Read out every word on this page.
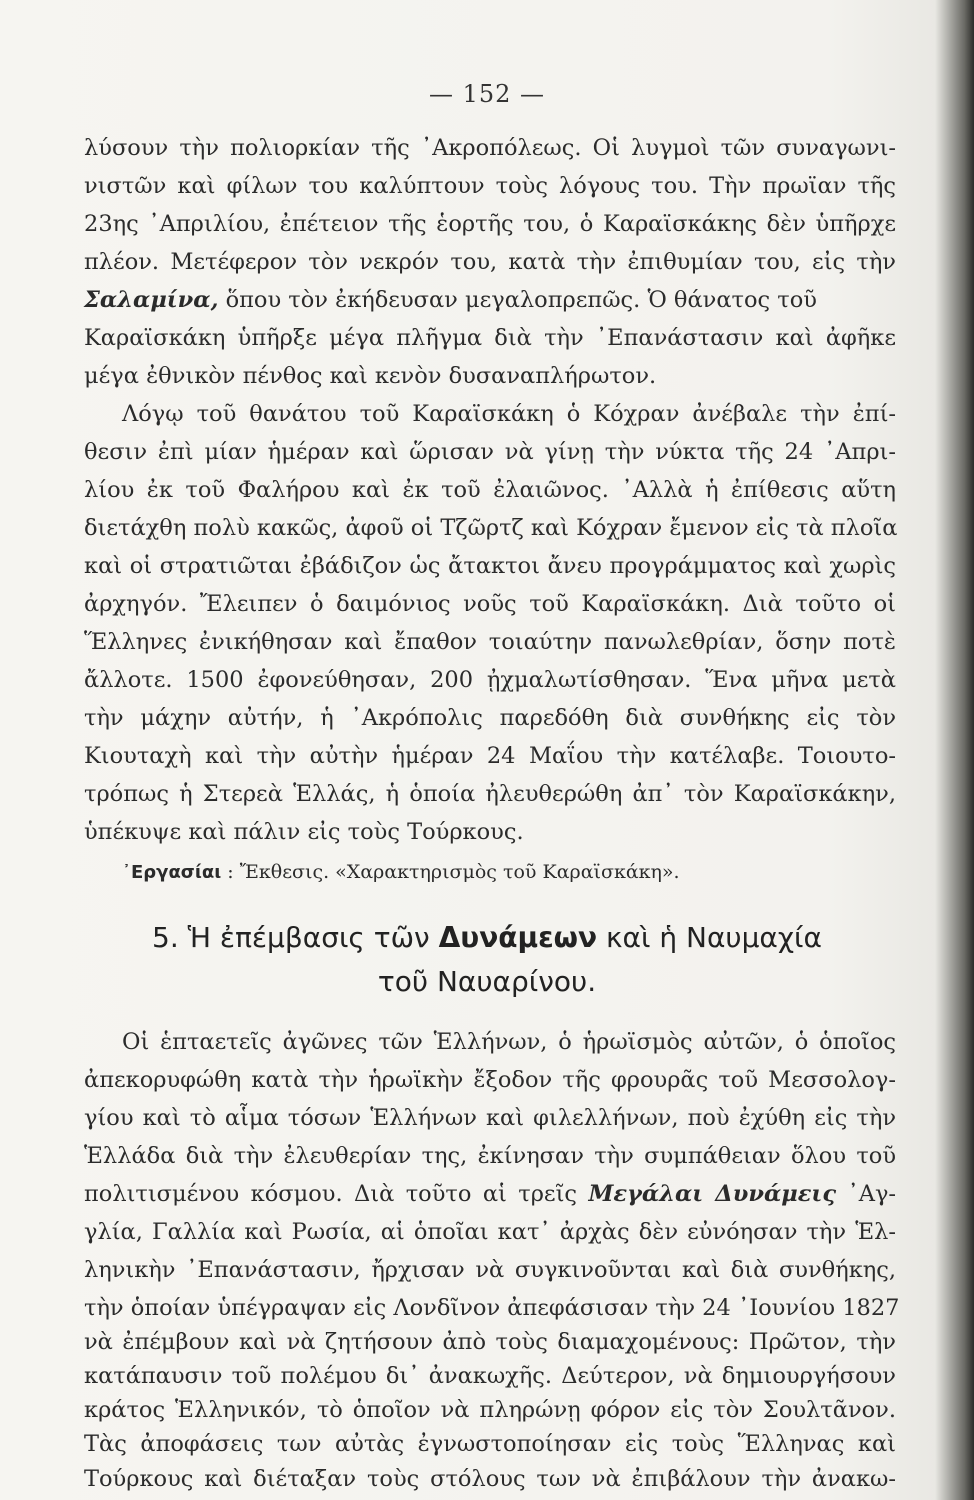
— 152 —
λύσουν τὴν πολιορκίαν τῆς ᾿Ακροπόλεως. Οἱ λυγμοὶ τῶν συναγωνι-
νιστῶν καὶ φίλων του καλύπτουν τοὺς λόγους του. Τὴν πρωϊαν τῆς
23ης ᾿Απριλίου, ἐπέτειον τῆς ἑορτῆς του, ὁ Καραϊσκάκης δὲν ὑπῆρχε
πλέον. Μετέφερον τὸν νεκρόν του, κατὰ τὴν ἐπιθυμίαν του, εἰς τὴν
Σαλαμίνα, ὅπου τὸν ἐκήδευσαν μεγαλοπρεπῶς. Ὁ θάνατος τοῦ
Καραϊσκάκη ὑπῆρξε μέγα πλῆγμα διὰ τὴν ᾿Επανάστασιν καὶ ἀφῆκε
μέγα ἐθνικὸν πένθος καὶ κενὸν δυσαναπλήρωτον.
Λόγῳ τοῦ θανάτου τοῦ Καραϊσκάκη ὁ Κόχραν ἀνέβαλε τὴν ἐπί-
θεσιν ἐπὶ μίαν ἡμέραν καὶ ὥρισαν νὰ γίνῃ τὴν νύκτα τῆς 24 ᾿Απρι-
λίου ἐκ τοῦ Φαλήρου καὶ ἐκ τοῦ ἐλαιῶνος. ᾿Αλλὰ ἡ ἐπίθεσις αὕτη
διετάχθη πολὺ κακῶς, ἀφοῦ οἱ Τζῶρτζ καὶ Κόχραν ἔμενον εἰς τὰ πλοῖα
καὶ οἱ στρατιῶται ἐβάδιζον ὡς ἄτακτοι ἄνευ προγράμματος καὶ χωρὶς
ἀρχηγόν. Ἔλειπεν ὁ δαιμόνιος νοῦς τοῦ Καραϊσκάκη. Διὰ τοῦτο οἱ
Ἕλληνες ἐνικήθησαν καὶ ἔπαθον τοιαύτην πανωλεθρίαν, ὅσην ποτὲ
ἄλλοτε. 1500 ἐφονεύθησαν, 200 ᾐχμαλωτίσθησαν. Ἕνα μῆνα μετὰ
τὴν μάχην αὐτήν, ἡ ᾿Ακρόπολις παρεδόθη διὰ συνθήκης εἰς τὸν
Κιουταχὴ καὶ τὴν αὐτὴν ἡμέραν 24 Μαΐου τὴν κατέλαβε. Τοιουτο-
τρόπως ἡ Στερεὰ Ἑλλάς, ἡ ὁποία ἠλευθερώθη ἀπ᾿ τὸν Καραϊσκάκην,
ὑπέκυψε καὶ πάλιν εἰς τοὺς Τούρκους.
᾿Εργασίαι : Ἔκθεσις. «Χαρακτηρισμὸς τοῦ Καραϊσκάκη».
5. Ἡ ἐπέμβασις τῶν Δυνάμεων καὶ ἡ Ναυμαχία
τοῦ Ναυαρίνου.
Οἱ ἑπταετεῖς ἀγῶνες τῶν Ἑλλήνων, ὁ ἡρωϊσμὸς αὐτῶν, ὁ ὁποῖος
ἀπεκορυφώθη κατὰ τὴν ἡρωϊκὴν ἔξοδον τῆς φρουρᾶς τοῦ Μεσσολογ-
γίου καὶ τὸ αἷμα τόσων Ἑλλήνων καὶ φιλελλήνων, ποὺ ἐχύθη εἰς τὴν
Ἑλλάδα διὰ τὴν ἐλευθερίαν της, ἐκίνησαν τὴν συμπάθειαν ὅλου τοῦ
πολιτισμένου κόσμου. Διὰ τοῦτο αἱ τρεῖς Μεγάλαι Δυνάμεις ᾿Αγ-
γλία, Γαλλία καὶ Ρωσία, αἱ ὁποῖαι κατ᾿ ἀρχὰς δὲν εὐνόησαν τὴν Ἑλ-
ληνικὴν ᾿Επανάστασιν, ἤρχισαν νὰ συγκινοῦνται καὶ διὰ συνθήκης,
τὴν ὁποίαν ὑπέγραψαν εἰς Λονδῖνον ἀπεφάσισαν τὴν 24 ᾿Ιουνίου 1827
νὰ ἐπέμβουν καὶ νὰ ζητήσουν ἀπὸ τοὺς διαμαχομένους: Πρῶτον, τὴν
κατάπαυσιν τοῦ πολέμου δι᾿ ἀνακωχῆς. Δεύτερον, νὰ δημιουργήσουν
κράτος Ἑλληνικόν, τὸ ὁποῖον νὰ πληρώνῃ φόρον εἰς τὸν Σουλτᾶνον.
Τὰς ἀποφάσεις των αὐτὰς ἐγνωστοποίησαν εἰς τοὺς Ἕλληνας καὶ
Τούρκους καὶ διέταξαν τοὺς στόλους των νὰ ἐπιβάλουν τὴν ἀνακω-
